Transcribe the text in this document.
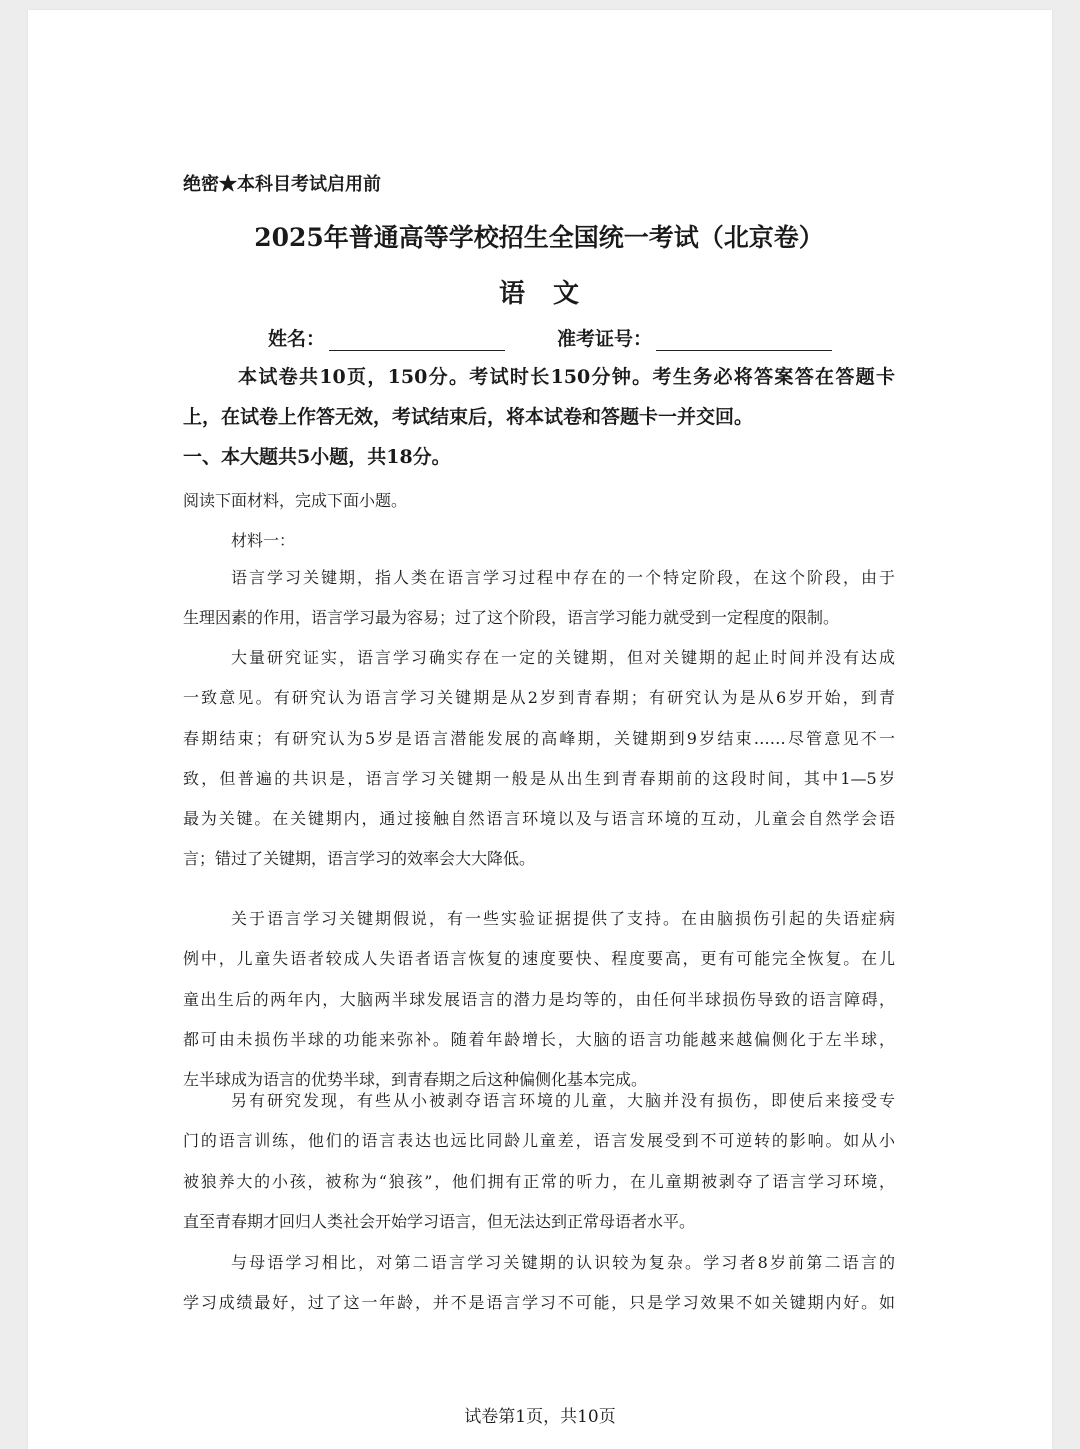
绝密★本科目考试启用前
2025年普通高等学校招生全国统一考试（北京卷）
语文
姓名：	准考证号：
本试卷共10页，150分。考试时长150分钟。考生务必将答案答在答题卡
上，在试卷上作答无效，考试结束后，将本试卷和答题卡一并交回。
一、本大题共5小题，共18分。
阅读下面材料，完成下面小题。
材料一：
语言学习关键期，指人类在语言学习过程中存在的一个特定阶段，在这个阶段，由于
生理因素的作用，语言学习最为容易；过了这个阶段，语言学习能力就受到一定程度的限制。
大量研究证实，语言学习确实存在一定的关键期，但对关键期的起止时间并没有达成
一致意见。有研究认为语言学习关键期是从2岁到青春期；有研究认为是从6岁开始，到青
春期结束；有研究认为5岁是语言潜能发展的高峰期，关键期到9岁结束……尽管意见不一
致，但普遍的共识是，语言学习关键期一般是从出生到青春期前的这段时间，其中1—5岁
最为关键。在关键期内，通过接触自然语言环境以及与语言环境的互动，儿童会自然学会语
言；错过了关键期，语言学习的效率会大大降低。
关于语言学习关键期假说，有一些实验证据提供了支持。在由脑损伤引起的失语症病
例中，儿童失语者较成人失语者语言恢复的速度要快、程度要高，更有可能完全恢复。在儿
童出生后的两年内，大脑两半球发展语言的潜力是均等的，由任何半球损伤导致的语言障碍，
都可由未损伤半球的功能来弥补。随着年龄增长，大脑的语言功能越来越偏侧化于左半球，
左半球成为语言的优势半球，到青春期之后这种偏侧化基本完成。
另有研究发现，有些从小被剥夺语言环境的儿童，大脑并没有损伤，即使后来接受专
门的语言训练，他们的语言表达也远比同龄儿童差，语言发展受到不可逆转的影响。如从小
被狼养大的小孩，被称为“狼孩”，他们拥有正常的听力，在儿童期被剥夺了语言学习环境，
直至青春期才回归人类社会开始学习语言，但无法达到正常母语者水平。
与母语学习相比，对第二语言学习关键期的认识较为复杂。学习者8岁前第二语言的
学习成绩最好，过了这一年龄，并不是语言学习不可能，只是学习效果不如关键期内好。如
试卷第1页，共10页
